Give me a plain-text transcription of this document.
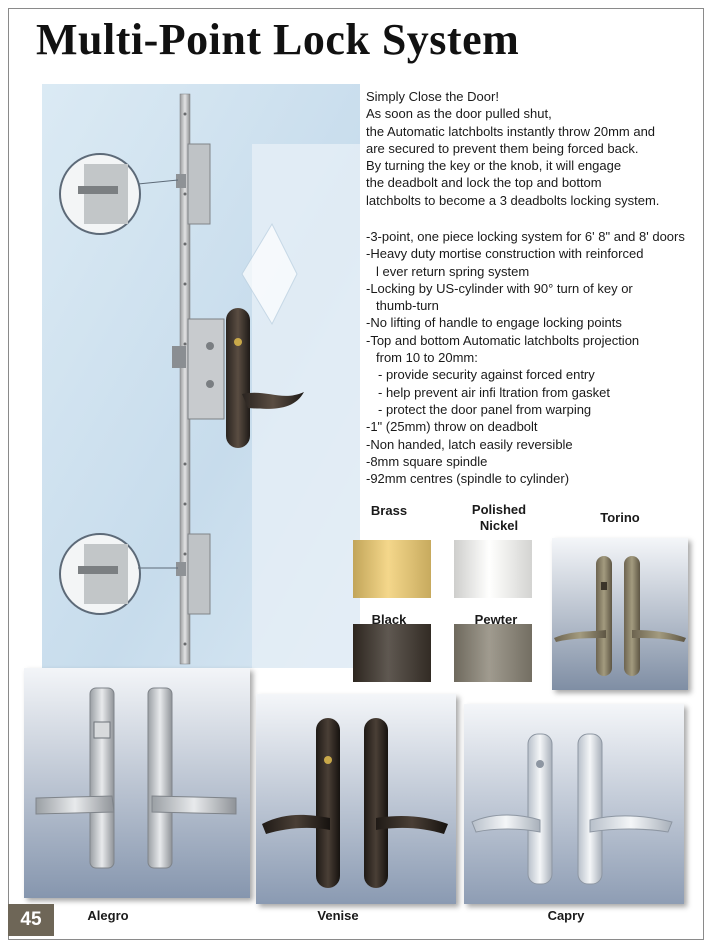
Multi-Point Lock System
Simply Close the Door!
As soon as the door pulled shut,
the Automatic latchbolts instantly throw 20mm and
are secured to prevent them being forced back.
By turning the key or the knob, it will engage
the deadbolt and lock the top and bottom
latchbolts to become a 3 deadbolts locking system.
-3-point, one piece locking system for 6' 8" and 8' doors
-Heavy duty mortise construction with reinforced
l ever return spring system
-Locking by US-cylinder with 90° turn of key or
thumb-turn
-No lifting of handle to engage locking points
-Top and bottom Automatic latchbolts projection
from 10 to 20mm:
- provide security against forced entry
- help prevent air infi ltration from gasket
- protect the door panel from warping
-1" (25mm) throw on deadbolt
-Non handed, latch easily reversible
-8mm square spindle
-92mm centres (spindle to cylinder)
Brass	Polished
Nickel
Black	Pewter
Torino
Alegro	Venise	Capry
45
